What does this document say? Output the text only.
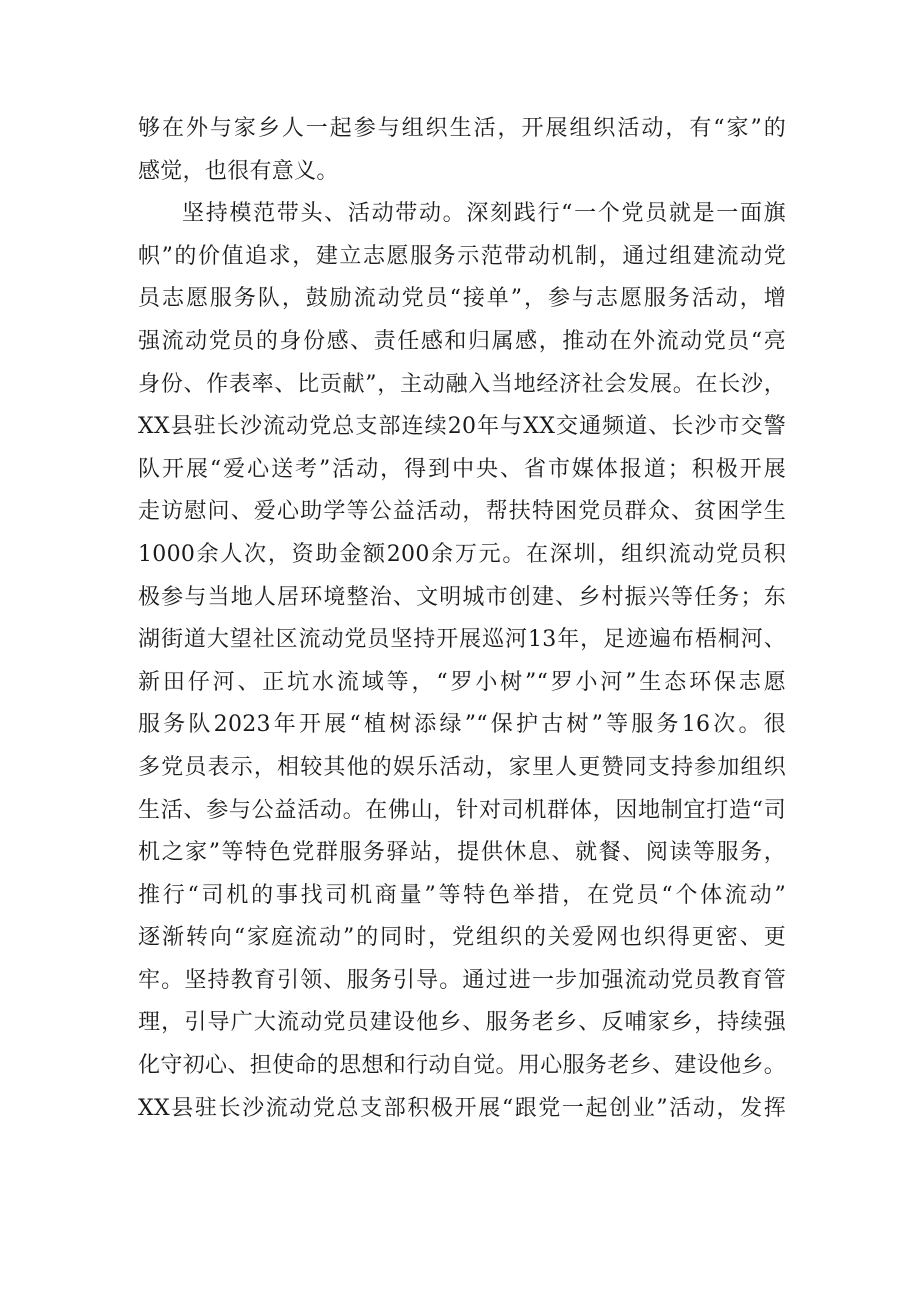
够在外与家乡人一起参与组织生活，开展组织活动，有“家”的
感觉，也很有意义。
坚持模范带头、活动带动。深刻践行“一个党员就是一面旗
帜”的价值追求，建立志愿服务示范带动机制，通过组建流动党
员志愿服务队，鼓励流动党员“接单”，参与志愿服务活动，增
强流动党员的身份感、责任感和归属感，推动在外流动党员“亮
身份、作表率、比贡献”，主动融入当地经济社会发展。在长沙，
XX县驻长沙流动党总支部连续20年与XX交通频道、长沙市交警
队开展“爱心送考”活动，得到中央、省市媒体报道；积极开展
走访慰问、爱心助学等公益活动，帮扶特困党员群众、贫困学生
1000余人次，资助金额200余万元。在深圳，组织流动党员积
极参与当地人居环境整治、文明城市创建、乡村振兴等任务；东
湖街道大望社区流动党员坚持开展巡河13年，足迹遍布梧桐河、
新田仔河、正坑水流域等，“罗小树”“罗小河”生态环保志愿
服务队2023年开展“植树添绿”“保护古树”等服务16次。很
多党员表示，相较其他的娱乐活动，家里人更赞同支持参加组织
生活、参与公益活动。在佛山，针对司机群体，因地制宜打造“司
机之家”等特色党群服务驿站，提供休息、就餐、阅读等服务，
推行“司机的事找司机商量”等特色举措，在党员“个体流动”
逐渐转向“家庭流动”的同时，党组织的关爱网也织得更密、更
牢。坚持教育引领、服务引导。通过进一步加强流动党员教育管
理，引导广大流动党员建设他乡、服务老乡、反哺家乡，持续强
化守初心、担使命的思想和行动自觉。用心服务老乡、建设他乡。
XX县驻长沙流动党总支部积极开展“跟党一起创业”活动，发挥
